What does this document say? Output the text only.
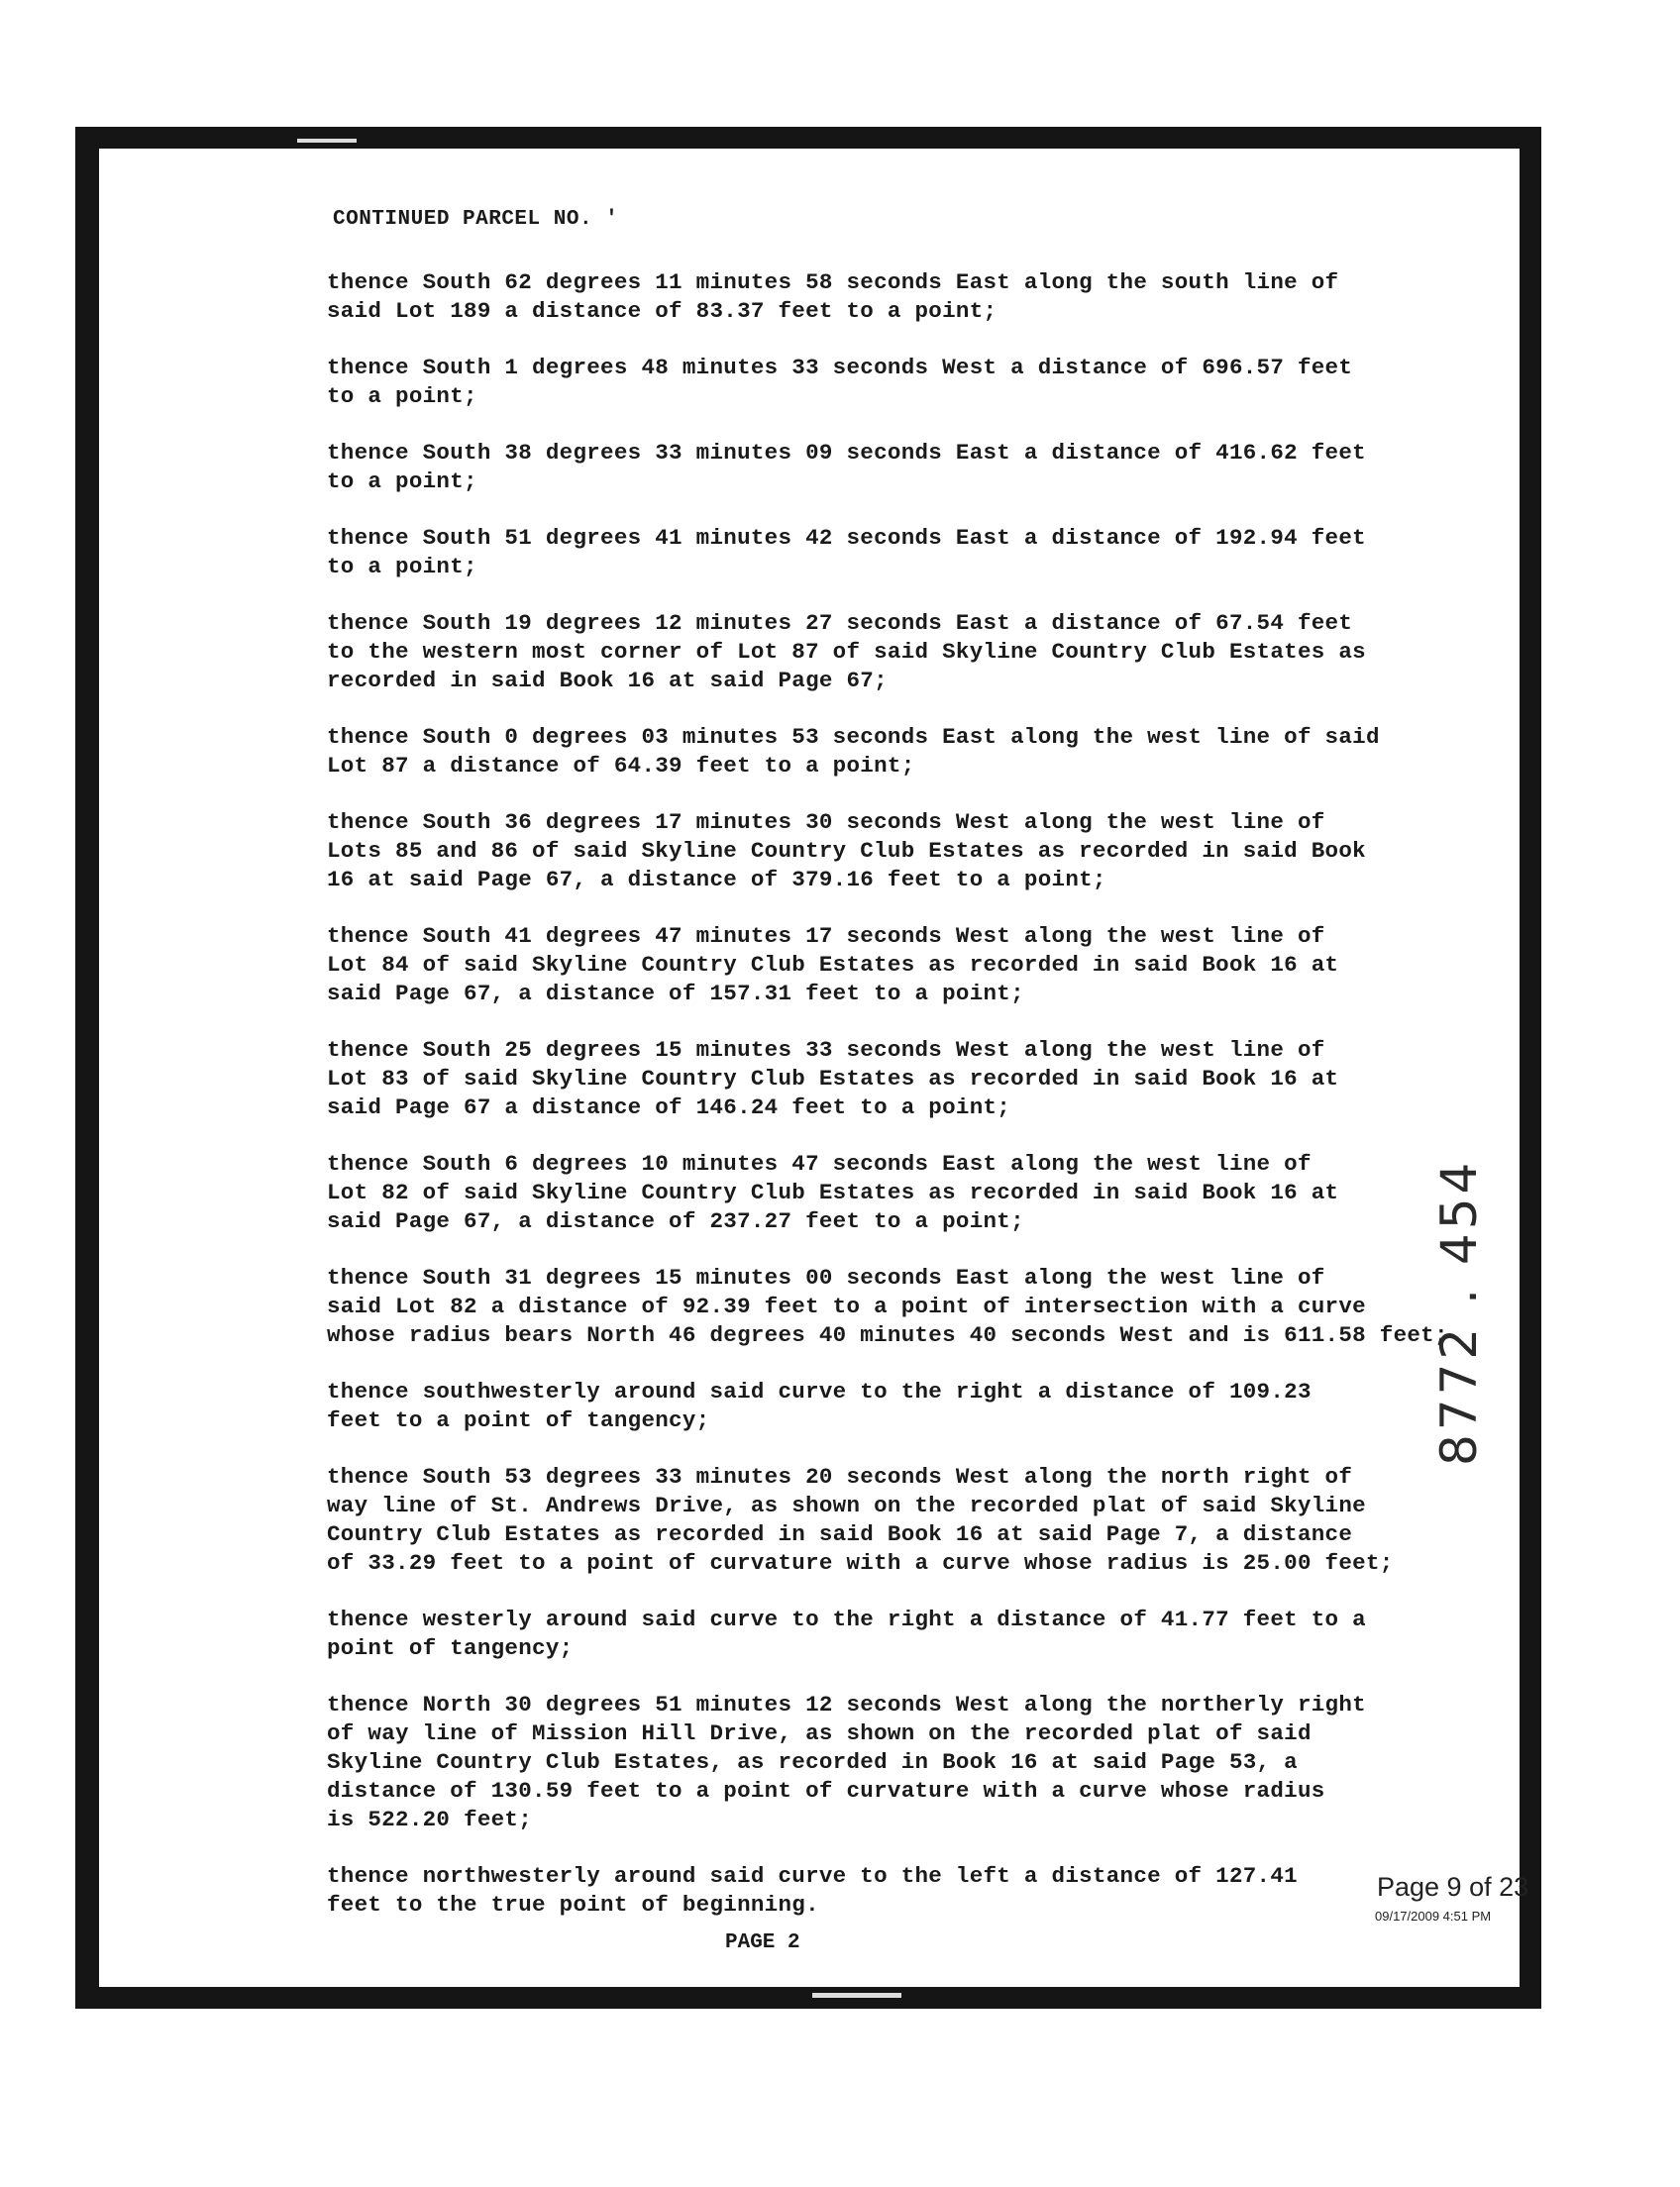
CONTINUED PARCEL NO. '
thence South 62 degrees 11 minutes 58 seconds East along the south line of
said Lot 189 a distance of 83.37 feet to a point;
thence South 1 degrees 48 minutes 33 seconds West a distance of 696.57 feet
to a point;
thence South 38 degrees 33 minutes 09 seconds East a distance of 416.62 feet
to a point;
thence South 51 degrees 41 minutes 42 seconds East a distance of 192.94 feet
to a point;
thence South 19 degrees 12 minutes 27 seconds East a distance of 67.54 feet
to the western most corner of Lot 87 of said Skyline Country Club Estates as
recorded in said Book 16 at said Page 67;
thence South 0 degrees 03 minutes 53 seconds East along the west line of said
Lot 87 a distance of 64.39 feet to a point;
thence South 36 degrees 17 minutes 30 seconds West along the west line of
Lots 85 and 86 of said Skyline Country Club Estates as recorded in said Book
16 at said Page 67, a distance of 379.16 feet to a point;
thence South 41 degrees 47 minutes 17 seconds West along the west line of
Lot 84 of said Skyline Country Club Estates as recorded in said Book 16 at
said Page 67, a distance of 157.31 feet to a point;
thence South 25 degrees 15 minutes 33 seconds West along the west line of
Lot 83 of said Skyline Country Club Estates as recorded in said Book 16 at
said Page 67 a distance of 146.24 feet to a point;
thence South 6 degrees 10 minutes 47 seconds East along the west line of
Lot 82 of said Skyline Country Club Estates as recorded in said Book 16 at
said Page 67, a distance of 237.27 feet to a point;
thence South 31 degrees 15 minutes 00 seconds East along the west line of
said Lot 82 a distance of 92.39 feet to a point of intersection with a curve
whose radius bears North 46 degrees 40 minutes 40 seconds West and is 611.58 feet;
thence southwesterly around said curve to the right a distance of 109.23
feet to a point of tangency;
thence South 53 degrees 33 minutes 20 seconds West along the north right of
way line of St. Andrews Drive, as shown on the recorded plat of said Skyline
Country Club Estates as recorded in said Book 16 at said Page 7, a distance
of 33.29 feet to a point of curvature with a curve whose radius is 25.00 feet;
thence westerly around said curve to the right a distance of 41.77 feet to a
point of tangency;
thence North 30 degrees 51 minutes 12 seconds West along the northerly right
of way line of Mission Hill Drive, as shown on the recorded plat of said
Skyline Country Club Estates, as recorded in Book 16 at said Page 53, a
distance of 130.59 feet to a point of curvature with a curve whose radius
is 522.20 feet;
thence northwesterly around said curve to the left a distance of 127.41
feet to the true point of beginning.
PAGE 2
8772 . 454
Page 9 of 23
09/17/2009 4:51 PM
